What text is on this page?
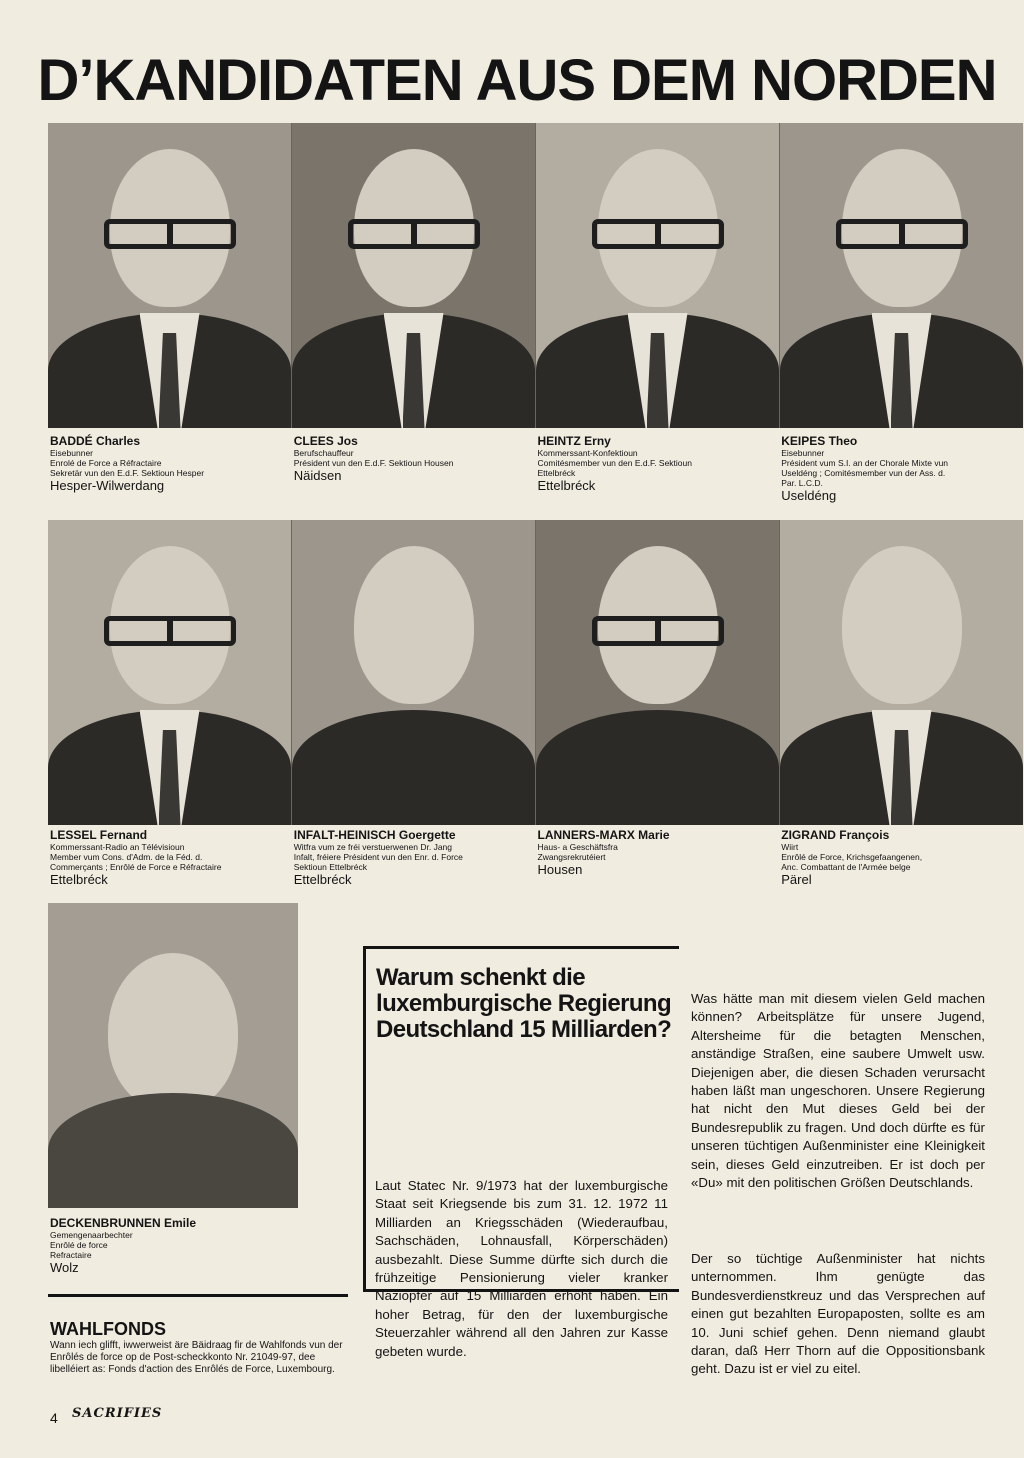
D’KANDIDATEN AUS DEM NORDEN
BADDÉ Charles
Eisebunner
Enrolé de Force a Réfractaire
Sekretär vun den E.d.F. Sektioun Hesper
Hesper-Wilwerdang
CLEES Jos
Berufschauffeur
Président vun den E.d.F. Sektioun Housen
Näidsen
HEINTZ Erny
Kommerssant-Konfektioun
Comitésmember vun den E.d.F. Sektioun
Ettelbréck
Ettelbréck
KEIPES Theo
Eisebunner
Président vum S.I. an der Chorale Mixte vun
Useldéng ; Comitésmember vun der Ass. d.
Par. L.C.D.
Useldéng
LESSEL Fernand
Kommerssant-Radio an Télévisioun
Member vum Cons. d'Adm. de la Féd. d.
Commerçants ; Enrôlé de Force e Réfractaire
Ettelbréck
INFALT-HEINISCH Goergette
Witfra vum ze fréi verstuerwenen Dr. Jang
Infalt, fréiere Président vun den Enr. d. Force
Sektioun Ettelbréck
Ettelbréck
LANNERS-MARX Marie
Haus- a Geschäftsfra
Zwangsrekrutéiert
Housen
ZIGRAND François
Wiirt
Enrôlé de Force, Krichsgefaangenen,
Anc. Combattant de l'Armée belge
Pärel
DECKENBRUNNEN Emile
Gemengenaarbechter
Enrôlé de force
Refractaire
Wolz
WAHLFONDS

Wann iech glifft, iwwerweist äre Bäidraag fir de Wahlfonds vun der Enrôlés de force op de Post-scheckkonto Nr. 21049-97, dee libelléiert as: Fonds d'action des Enrôlés de Force, Luxembourg.

4 SACRIFIES
Warum schenkt die luxemburgische Regierung Deutschland 15 Milliarden?

Laut Statec Nr. 9/1973 hat der luxemburgische Staat seit Kriegsende bis zum 31. 12. 1972 11 Milliarden an Kriegsschäden (Wiederaufbau, Sachschäden, Lohnausfall, Körperschäden) ausbezahlt. Diese Summe dürfte sich durch die frühzeitige Pensionierung vieler kranker Naziopfer auf 15 Milliarden erhöht haben. Ein hoher Betrag, für den der luxemburgische Steuerzahler während all den Jahren zur Kasse gebeten wurde.

Was hätte man mit diesem vielen Geld machen können? Arbeitsplätze für unsere Jugend, Altersheime für die betagten Menschen, anständige Straßen, eine saubere Umwelt usw. Diejenigen aber, die diesen Schaden verursacht haben läßt man ungeschoren. Unsere Regierung hat nicht den Mut dieses Geld bei der Bundesrepublik zu fragen. Und doch dürfte es für unseren tüchtigen Außenminister eine Kleinigkeit sein, dieses Geld einzutreiben. Er ist doch per «Du» mit den politischen Größen Deutschlands.

Der so tüchtige Außenminister hat nichts unternommen. Ihm genügte das Bundesverdienstkreuz und das Versprechen auf einen gut bezahlten Europaposten, sollte es am 10. Juni schief gehen. Denn niemand glaubt daran, daß Herr Thorn auf die Oppositionsbank geht. Dazu ist er viel zu eitel.
